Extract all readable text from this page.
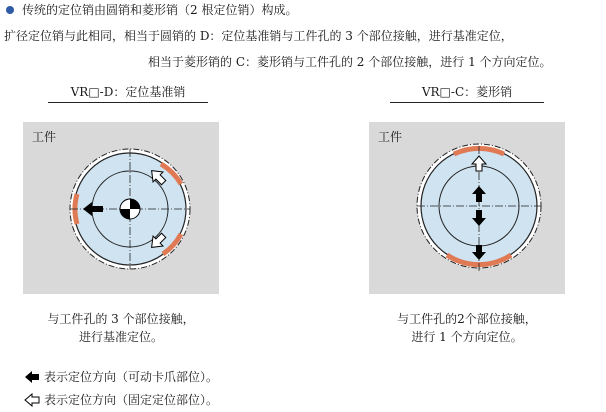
传统的定位销由圆销和菱形销（2 根定位销）构成。
扩径定位销与此相同，相当于圆销的 D：定位基准销与工件孔的 3 个部位接触，进行基准定位，
相当于菱形销的 C：菱形销与工件孔的 2 个部位接触，进行 1 个方向定位。
VR□-D：定位基准销
工件
与工件孔的 3 个部位接触，
进行基准定位。
VR□-C：菱形销
工件
与工件孔的2个部位接触，
进行 1 个方向定位。
表示定位方向（可动卡爪部位）。
表示定位方向（固定定位部位）。
